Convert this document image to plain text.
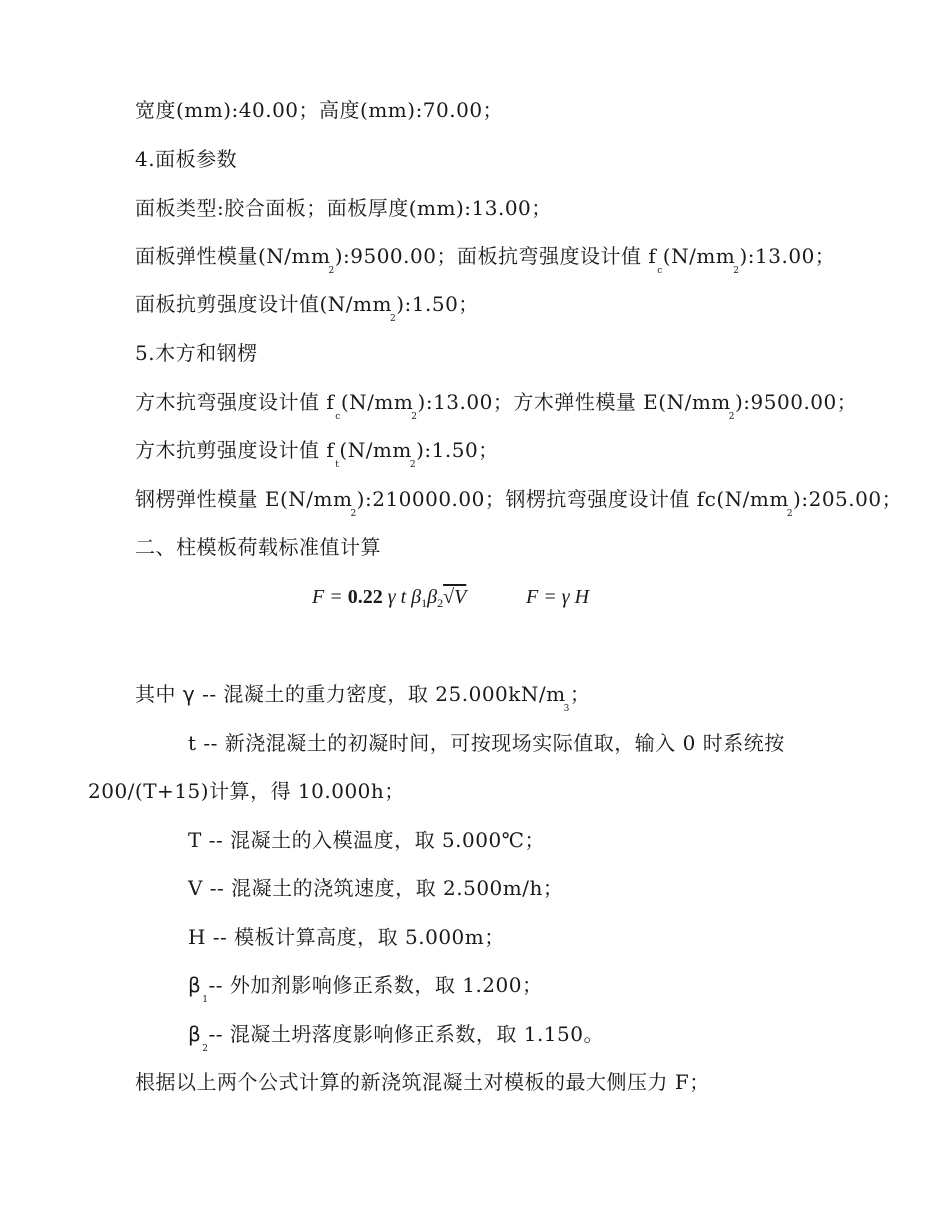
宽度(mm):40.00；高度(mm):70.00；
4.面板参数
面板类型:胶合面板；面板厚度(mm):13.00；
面板弹性模量$(N/mm_2):9500.00$；面板抗弯强度设计值 $f_c(N/mm_2):13.00$；
面板抗剪强度设计值$(N/mm_2):1.50$；
5.木方和钢楞
方木抗弯强度设计值 $f_c(N/mm_2):13.00$；方木弹性模量 $E(N/mm_2):9500.00$；
方木抗剪强度设计值 $f_t(N/mm_2):1.50$；
钢楞弹性模量 $E(N/mm_2):210000.00$；钢楞抗弯强度设计值 $fc(N/mm_2):205.00$；
二、柱模板荷载标准值计算
F = 0.22 γ t $\beta_1\beta_2√V$	F = γ H
其中 γ -- 混凝土的重力密度，取 $25.000kN/m_3$；
t -- 新浇混凝土的初凝时间，可按现场实际值取，输入 0 时系统按
200/(T+15)计算，得 10.000h；
T -- 混凝土的入模温度，取 5.000℃；
V -- 混凝土的浇筑速度，取 2.500m/h；
H -- 模板计算高度，取 5.000m；
$\beta_1--$ 外加剂影响修正系数，取 1.200；
$\beta_2--$ 混凝土坍落度影响修正系数，取 1.150。
根据以上两个公式计算的新浇筑混凝土对模板的最大侧压力 F；
